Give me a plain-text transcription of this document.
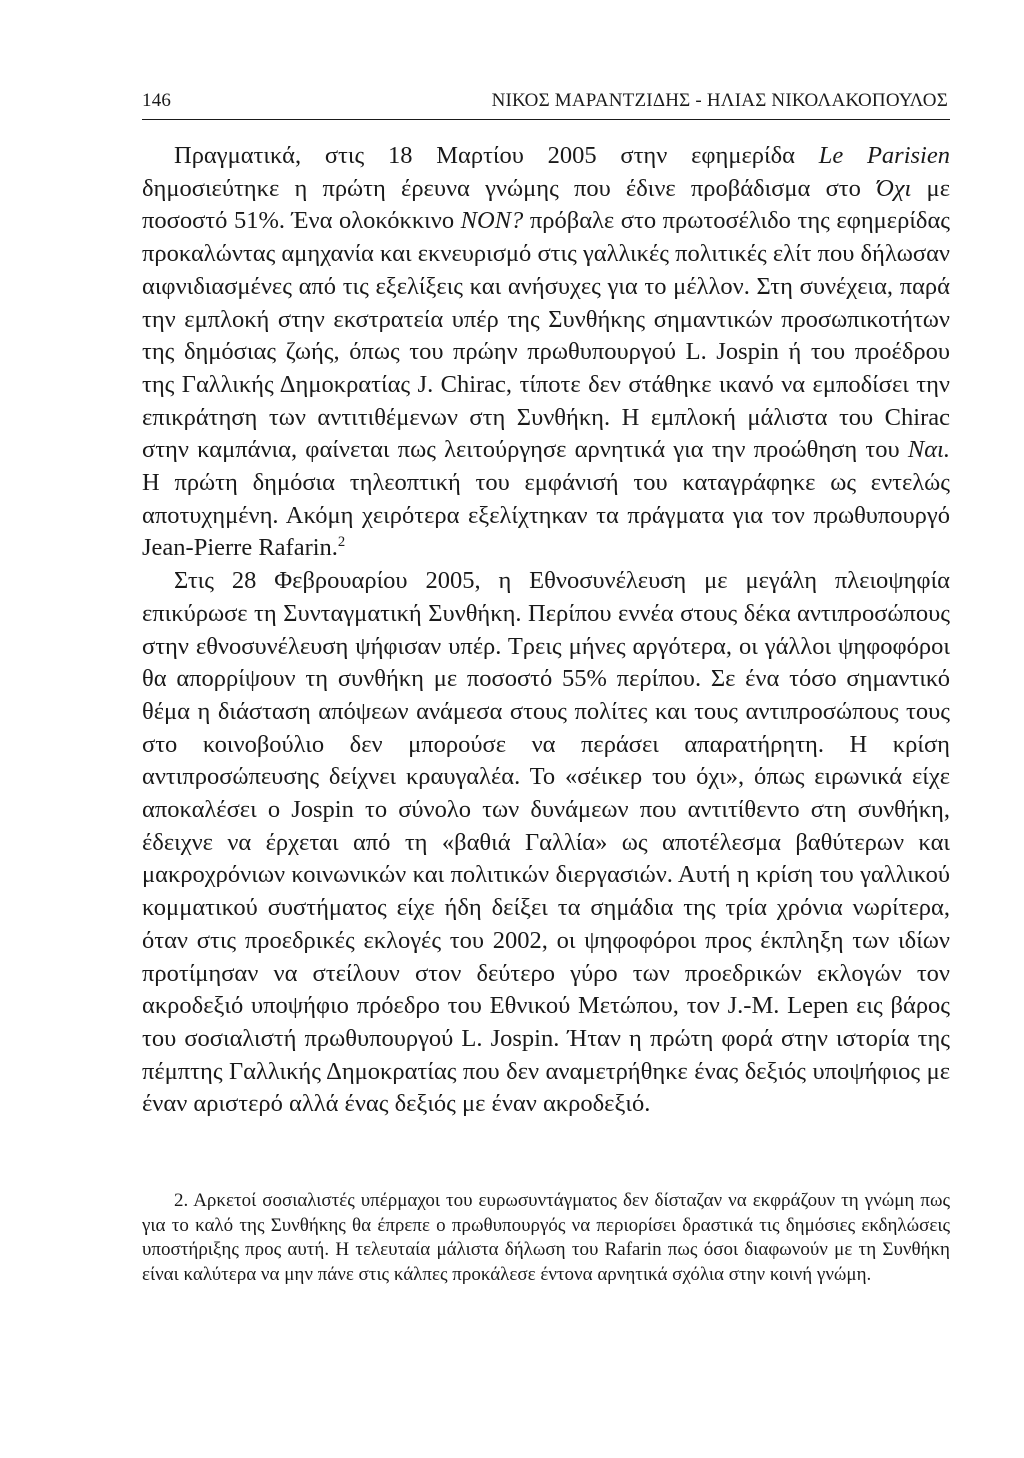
146	ΝΙΚΟΣ ΜΑΡΑΝΤΖΙΔΗΣ - ΗΛΙΑΣ ΝΙΚΟΛΑΚΟΠΟΥΛΟΣ

Πραγματικά, στις 18 Μαρτίου 2005 στην εφημερίδα Le Parisien δημοσιεύτηκε η πρώτη έρευνα γνώμης που έδινε προβάδισμα στο Όχι με ποσοστό 51%. Ένα ολοκόκκινο ΝΟΝ? πρόβαλε στο πρωτοσέλιδο της εφημερίδας προκαλώντας αμηχανία και εκνευρισμό στις γαλλικές πολιτικές ελίτ που δήλωσαν αιφνιδιασμένες από τις εξελίξεις και ανήσυχες για το μέλλον. Στη συνέχεια, παρά την εμπλοκή στην εκστρατεία υπέρ της Συνθήκης σημαντικών προσωπικοτήτων της δημόσιας ζωής, όπως του πρώην πρωθυπουργού L. Jospin ή του προέδρου της Γαλλικής Δημοκρατίας J. Chirac, τίποτε δεν στάθηκε ικανό να εμποδίσει την επικράτηση των αντιτιθέμενων στη Συνθήκη. Η εμπλοκή μάλιστα του Chirac στην καμπάνια, φαίνεται πως λειτούργησε αρνητικά για την προώθηση του Ναι. Η πρώτη δημόσια τηλεοπτική του εμφάνισή του καταγράφηκε ως εντελώς αποτυχημένη. Ακόμη χειρότερα εξελίχτηκαν τα πράγματα για τον πρωθυπουργό Jean-Pierre Rafarin.$^2$

Στις 28 Φεβρουαρίου 2005, η Εθνοσυνέλευση με μεγάλη πλειοψηφία επικύρωσε τη Συνταγματική Συνθήκη. Περίπου εννέα στους δέκα αντιπροσώπους στην εθνοσυνέλευση ψήφισαν υπέρ. Τρεις μήνες αργότερα, οι γάλλοι ψηφοφόροι θα απορρίψουν τη συνθήκη με ποσοστό 55% περίπου. Σε ένα τόσο σημαντικό θέμα η διάσταση απόψεων ανάμεσα στους πολίτες και τους αντιπροσώπους τους στο κοινοβούλιο δεν μπορούσε να περάσει απαρατήρητη. Η κρίση αντιπροσώπευσης δείχνει κραυγαλέα. Το «σέικερ του όχι», όπως ειρωνικά είχε αποκαλέσει ο Jospin το σύνολο των δυνάμεων που αντιτίθεντο στη συνθήκη, έδειχνε να έρχεται από τη «βαθιά Γαλλία» ως αποτέλεσμα βαθύτερων και μακροχρόνιων κοινωνικών και πολιτικών διεργασιών. Αυτή η κρίση του γαλλικού κομματικού συστήματος είχε ήδη δείξει τα σημάδια της τρία χρόνια νωρίτερα, όταν στις προεδρικές εκλογές του 2002, οι ψηφοφόροι προς έκπληξη των ιδίων προτίμησαν να στείλουν στον δεύτερο γύρο των προεδρικών εκλογών τον ακροδεξιό υποψήφιο πρόεδρο του Εθνικού Μετώπου, τον J.-M. Lepen εις βάρος του σοσιαλιστή πρωθυπουργού L. Jospin. Ήταν η πρώτη φορά στην ιστορία της πέμπτης Γαλλικής Δημοκρατίας που δεν αναμετρήθηκε ένας δεξιός υποψήφιος με έναν αριστερό αλλά ένας δεξιός με έναν ακροδεξιό.

2. Αρκετοί σοσιαλιστές υπέρμαχοι του ευρωσυντάγματος δεν δίσταζαν να εκφράζουν τη γνώμη πως για το καλό της Συνθήκης θα έπρεπε ο πρωθυπουργός να περιορίσει δραστικά τις δημόσιες εκδηλώσεις υποστήριξης προς αυτή. Η τελευταία μάλιστα δήλωση του Rafarin πως όσοι διαφωνούν με τη Συνθήκη είναι καλύτερα να μην πάνε στις κάλπες προκάλεσε έντονα αρνητικά σχόλια στην κοινή γνώμη.
